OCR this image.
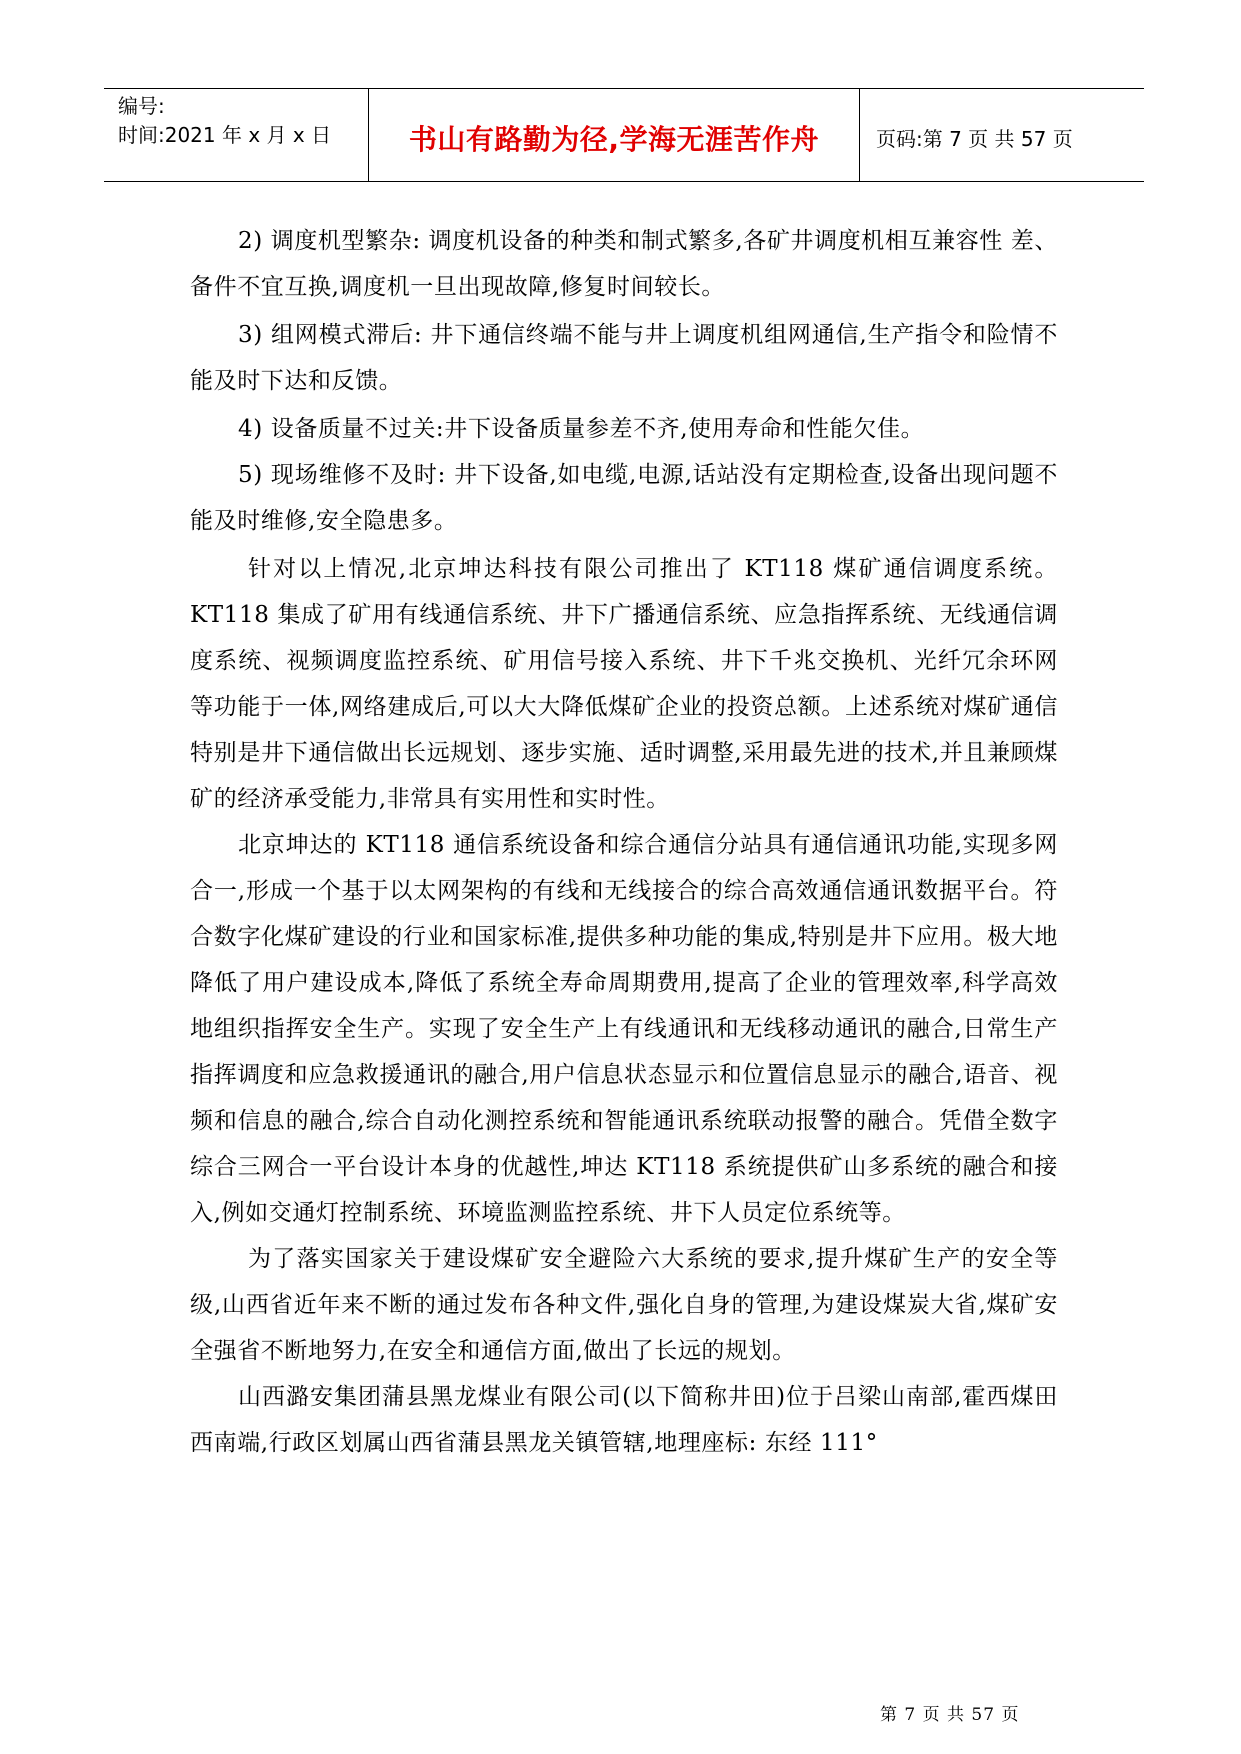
编号:
时间:2021 年 x 月 x 日	书山有路勤为径,学海无涯苦作舟	页码:第 7 页 共 57 页

2) 调度机型繁杂: 调度机设备的种类和制式繁多,各矿井调度机相互兼容性 差、备件不宜互换,调度机一旦出现故障,修复时间较长。

3) 组网模式滞后: 井下通信终端不能与井上调度机组网通信,生产指令和险情不能及时下达和反馈。

4) 设备质量不过关:井下设备质量参差不齐,使用寿命和性能欠佳。

5) 现场维修不及时: 井下设备,如电缆,电源,话站没有定期检查,设备出现问题不能及时维修,安全隐患多。

针对以上情况,北京坤达科技有限公司推出了 KT118 煤矿通信调度系统。KT118 集成了矿用有线通信系统、井下广播通信系统、应急指挥系统、无线通信调度系统、视频调度监控系统、矿用信号接入系统、井下千兆交换机、光纤冗余环网等功能于一体,网络建成后,可以大大降低煤矿企业的投资总额。上述系统对煤矿通信特别是井下通信做出长远规划、逐步实施、适时调整,采用最先进的技术,并且兼顾煤矿的经济承受能力,非常具有实用性和实时性。

北京坤达的 KT118 通信系统设备和综合通信分站具有通信通讯功能,实现多网合一,形成一个基于以太网架构的有线和无线接合的综合高效通信通讯数据平台。符合数字化煤矿建设的行业和国家标准,提供多种功能的集成,特别是井下应用。极大地降低了用户建设成本,降低了系统全寿命周期费用,提高了企业的管理效率,科学高效地组织指挥安全生产。实现了安全生产上有线通讯和无线移动通讯的融合,日常生产指挥调度和应急救援通讯的融合,用户信息状态显示和位置信息显示的融合,语音、视频和信息的融合,综合自动化测控系统和智能通讯系统联动报警的融合。凭借全数字综合三网合一平台设计本身的优越性,坤达 KT118 系统提供矿山多系统的融合和接入,例如交通灯控制系统、环境监测监控系统、井下人员定位系统等。

为了落实国家关于建设煤矿安全避险六大系统的要求,提升煤矿生产的安全等级,山西省近年来不断的通过发布各种文件,强化自身的管理,为建设煤炭大省,煤矿安全强省不断地努力,在安全和通信方面,做出了长远的规划。

山西潞安集团蒲县黑龙煤业有限公司(以下简称井田)位于吕梁山南部,霍西煤田西南端,行政区划属山西省蒲县黑龙关镇管辖,地理座标: 东经 111°

第 7 页 共 57 页
